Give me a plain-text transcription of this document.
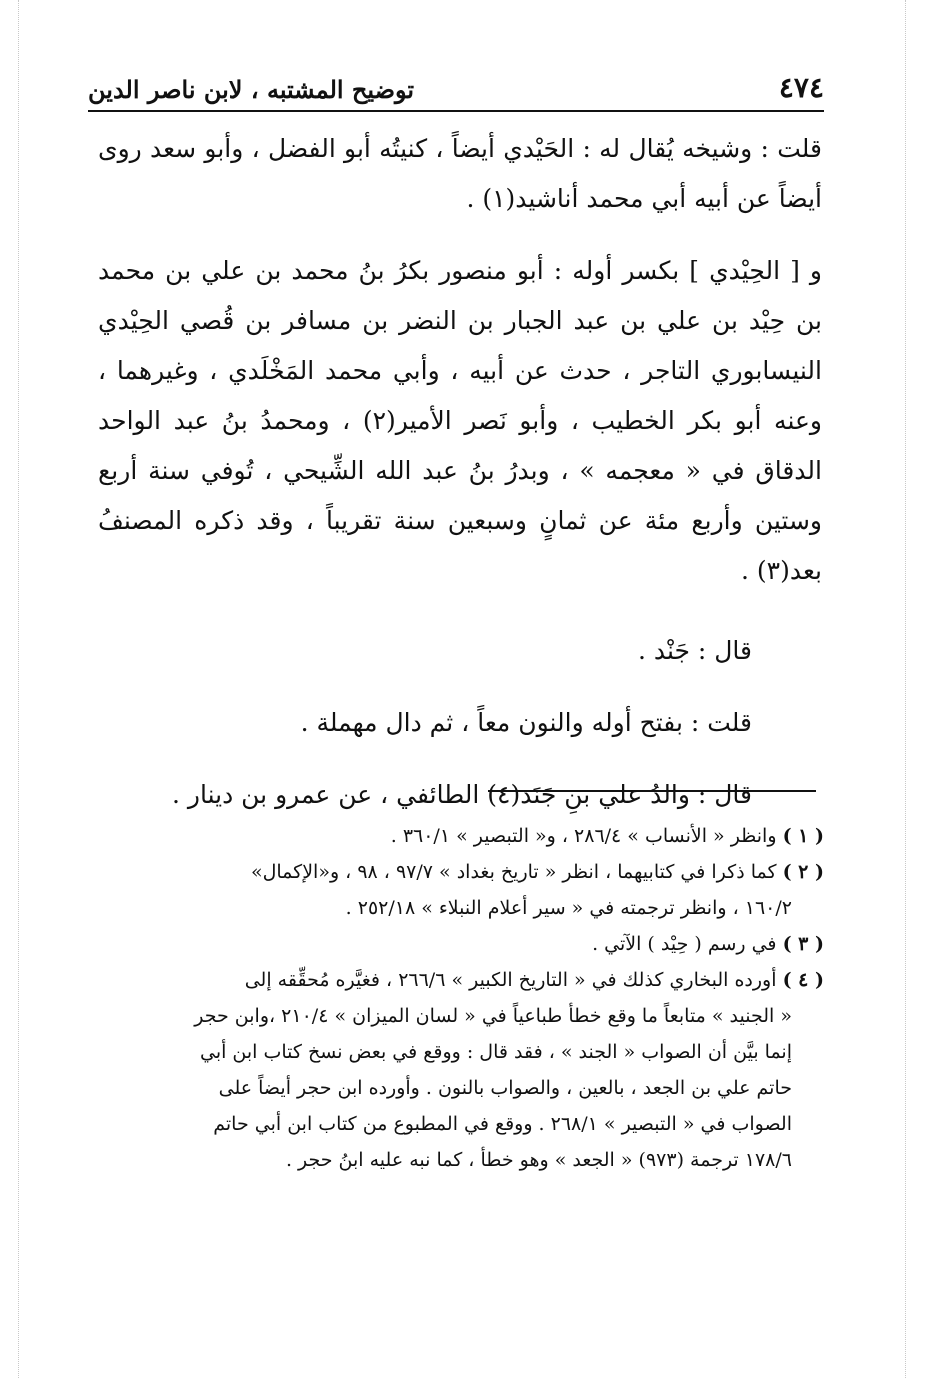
٤٧٤
توضيح المشتبه ، لابن ناصر الدين

قلت : وشيخه يُقال له : الحَيْدي أيضاً ، كنيتُه أبو الفضل ، وأبو سعد روى أيضاً عن أبيه أبي محمد أناشيد(١) .

و [ الحِيْدي ] بكسر أوله : أبو منصور بكرُ بنُ محمد بن علي بن محمد بن حِيْد بن علي بن عبد الجبار بن النضر بن مسافر بن قُصي الحِيْدي النيسابوري التاجر ، حدث عن أبيه ، وأبي محمد المَخْلَدي ، وغيرهما ، وعنه أبو بكر الخطيب ، وأبو نَصر الأمير(٢) ، ومحمدُ بنُ عبد الواحد الدقاق في « معجمه » ، وبدرُ بنُ عبد الله الشِّيحي ، تُوفي سنة أربع وستين وأربع مئة عن ثمانٍ وسبعين سنة تقريباً ، وقد ذكره المصنفُ بعد(٣) .

قال : جَنْد .

قلت : بفتح أوله والنون معاً ، ثم دال مهملة .

قال : والدُ علي بنِ جَنَد(٤) الطائفي ، عن عمرو بن دينار .

( ١ ) وانظر « الأنساب » ٢٨٦/٤ ، و« التبصير » ٣٦٠/١ .

( ٢ ) كما ذكرا في كتابيهما ، انظر « تاريخ بغداد » ٩٧/٧ ، ٩٨ ، و«الإكمال»
١٦٠/٢ ، وانظر ترجمته في « سير أعلام النبلاء » ٢٥٢/١٨ .

( ٣ ) في رسم ( حِيْد ) الآتي .

( ٤ ) أورده البخاري كذلك في « التاريخ الكبير » ٢٦٦/٦ ، فغيَّره مُحقِّقه إلى
« الجنيد » متابعاً ما وقع خطأ طباعياً في « لسان الميزان » ٢١٠/٤ ،وابن حجر
إنما بيَّن أن الصواب « الجند » ، فقد قال : ووقع في بعض نسخ كتاب ابن أبي
حاتم علي بن الجعد ، بالعين ، والصواب بالنون . وأورده ابن حجر أيضاً على
الصواب في « التبصير » ٢٦٨/١ . ووقع في المطبوع من كتاب ابن أبي حاتم
١٧٨/٦ ترجمة (٩٧٣) « الجعد » وهو خطأ ، كما نبه عليه ابنُ حجر .
